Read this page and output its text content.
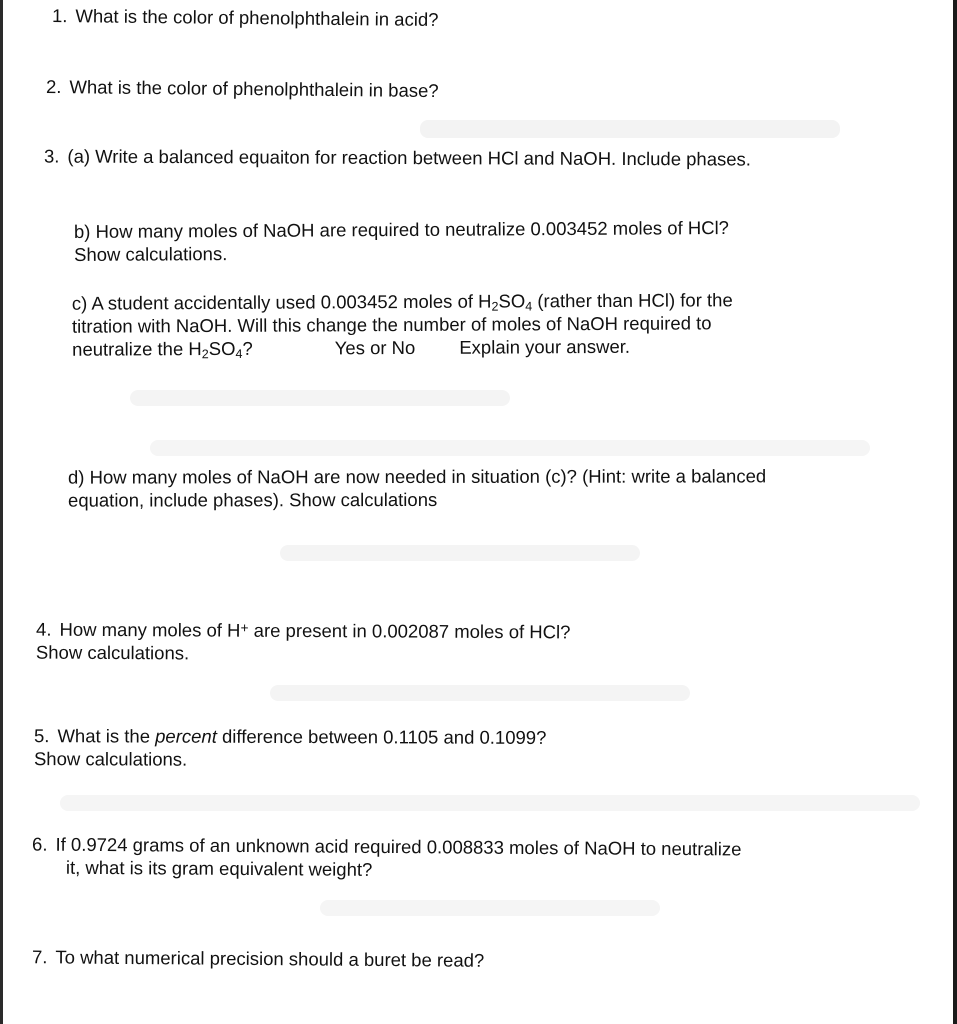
1. What is the color of phenolphthalein in acid?

2. What is the color of phenolphthalein in base?

3. (a) Write a balanced equaiton for reaction between HCl and NaOH. Include phases.

b) How many moles of NaOH are required to neutralize 0.003452 moles of HCl?
Show calculations.

c) A student accidentally used 0.003452 moles of $H_2SO_4$ (rather than HCl) for the
titration with NaOH. Will this change the number of moles of NaOH required to
neutralize the $H_2SO_4$?	Yes or No Explain your answer.

d) How many moles of NaOH are now needed in situation (c)? (Hint: write a balanced
equation, include phases). Show calculations

4. How many moles of H+ are present in 0.002087 moles of HCl?
Show calculations.

5. What is the percent difference between 0.1105 and 0.1099?
Show calculations.

6. If 0.9724 grams of an unknown acid required 0.008833 moles of NaOH to neutralize
it, what is its gram equivalent weight?

7. To what numerical precision should a buret be read?
